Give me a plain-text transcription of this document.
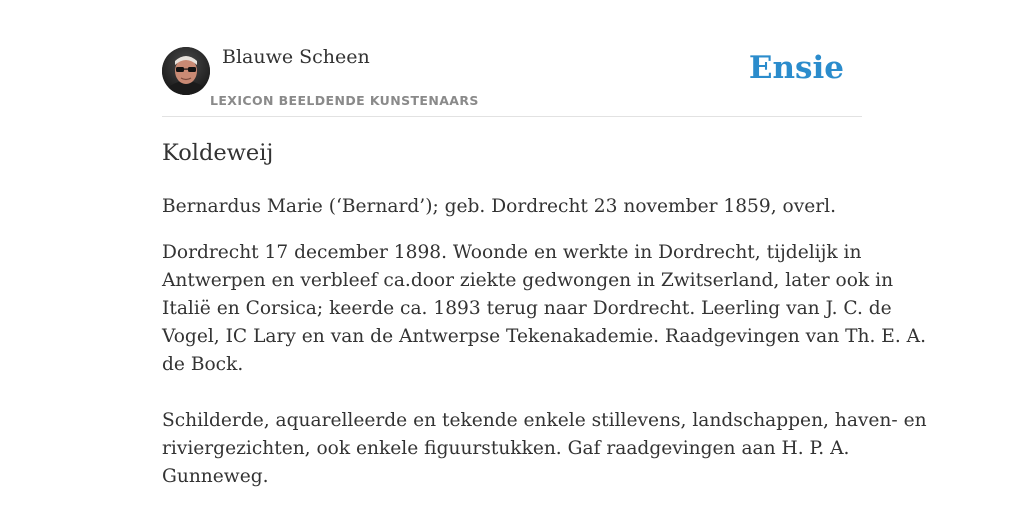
Blauwe Scheen
LEXICON BEELDENDE KUNSTENAARS
Ensie
Koldeweij

Bernardus Marie (‘Bernard’); geb. Dordrecht 23 november 1859, overl.

Dordrecht 17 december 1898. Woonde en werkte in Dordrecht, tijdelijk in
Antwerpen en verbleef ca.door ziekte gedwongen in Zwitserland, later ook in
Italië en Corsica; keerde ca. 1893 terug naar Dordrecht. Leerling van J. C. de
Vogel, IC Lary en van de Antwerpse Tekenakademie. Raadgevingen van Th. E. A.
de Bock.

Schilderde, aquarelleerde en tekende enkele stillevens, landschappen, haven- en
riviergezichten, ook enkele figuurstukken. Gaf raadgevingen aan H. P. A.
Gunneweg.
